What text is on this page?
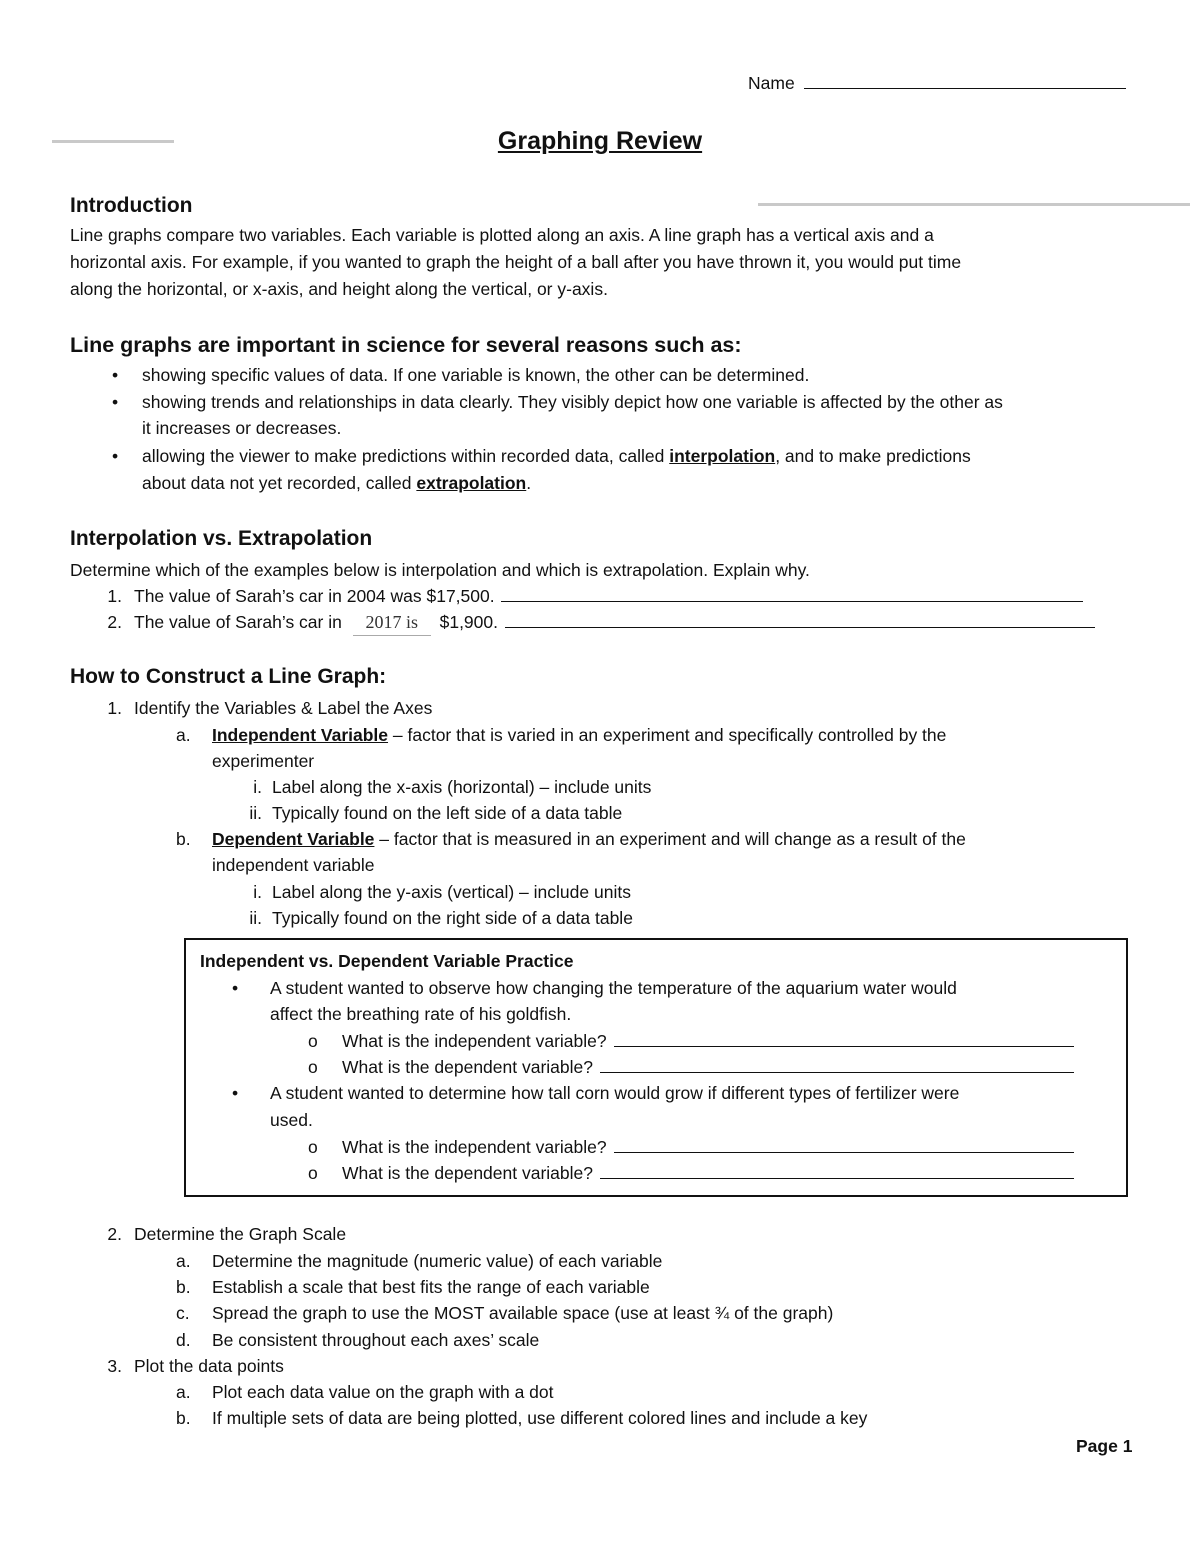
Name
Graphing Review
Introduction
Line graphs compare two variables. Each variable is plotted along an axis. A line graph has a vertical axis and a
horizontal axis. For example, if you wanted to graph the height of a ball after you have thrown it, you would put time
along the horizontal, or x-axis, and height along the vertical, or y-axis.
Line graphs are important in science for several reasons such as:
• showing specific values of data. If one variable is known, the other can be determined.
• showing trends and relationships in data clearly. They visibly depict how one variable is affected by the other as
it increases or decreases.
• allowing the viewer to make predictions within recorded data, called interpolation, and to make predictions
about data not yet recorded, called extrapolation.
Interpolation vs. Extrapolation
Determine which of the examples below is interpolation and which is extrapolation. Explain why.
1. The value of Sarah’s car in 2004 was $17,500.
2. The value of Sarah’s car in 2017 is $1,900.
How to Construct a Line Graph:
1. Identify the Variables & Label the Axes
a. Independent Variable – factor that is varied in an experiment and specifically controlled by the
experimenter
i. Label along the x-axis (horizontal) – include units
ii. Typically found on the left side of a data table
b. Dependent Variable – factor that is measured in an experiment and will change as a result of the
independent variable
i. Label along the y-axis (vertical) – include units
ii. Typically found on the right side of a data table
Independent vs. Dependent Variable Practice
• A student wanted to observe how changing the temperature of the aquarium water would
affect the breathing rate of his goldfish.
o What is the independent variable?
o What is the dependent variable?
• A student wanted to determine how tall corn would grow if different types of fertilizer were
used.
o What is the independent variable?
o What is the dependent variable?
2. Determine the Graph Scale
a. Determine the magnitude (numeric value) of each variable
b. Establish a scale that best fits the range of each variable
c. Spread the graph to use the MOST available space (use at least ¾ of the graph)
d. Be consistent throughout each axes’ scale
3. Plot the data points
a. Plot each data value on the graph with a dot
b. If multiple sets of data are being plotted, use different colored lines and include a key
Page 1
